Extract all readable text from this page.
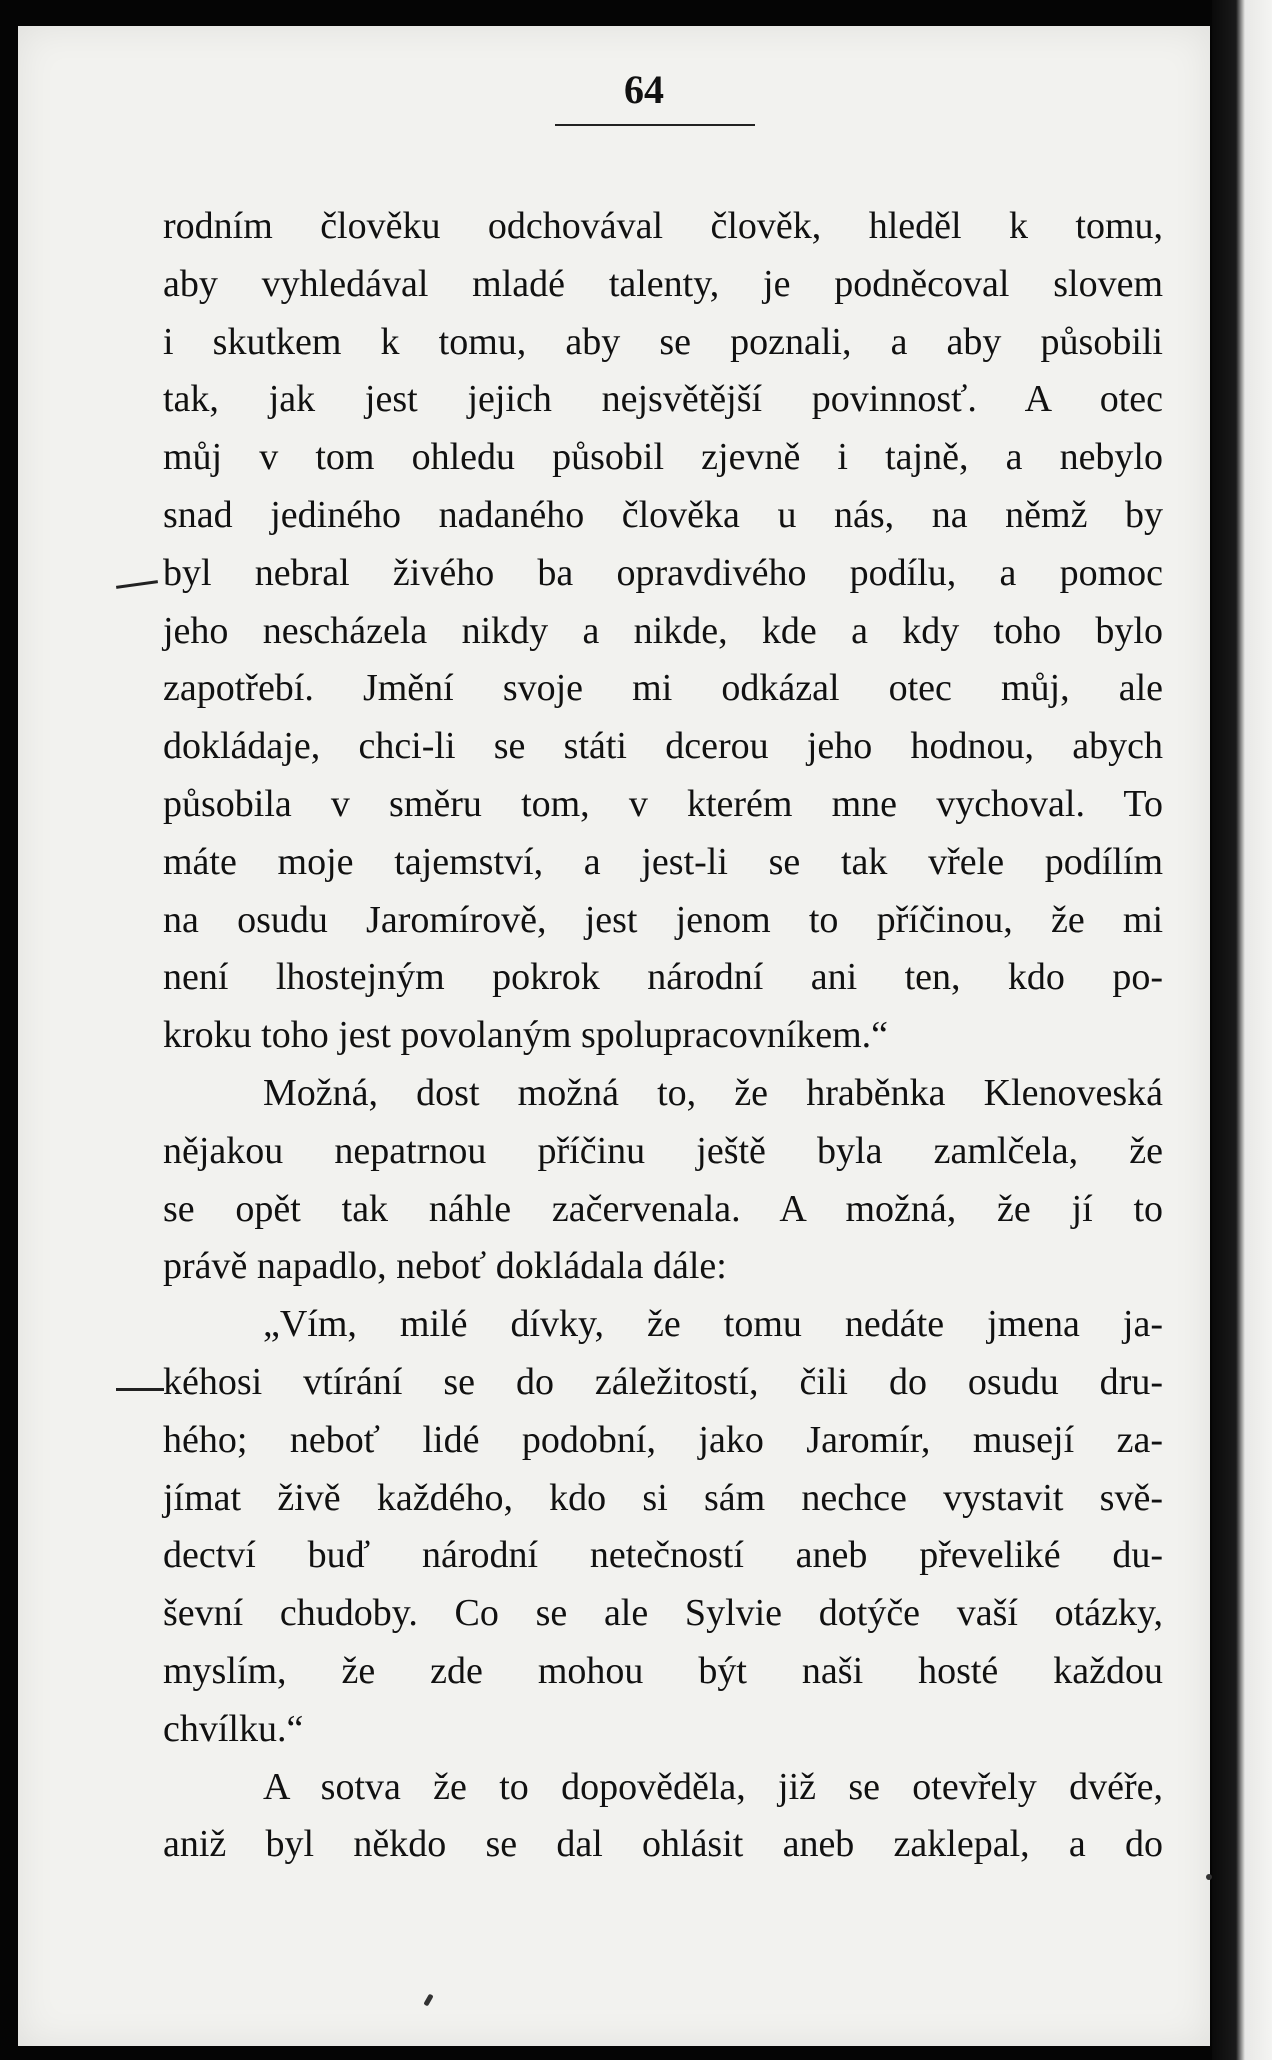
64
rodním člověku odchovával člověk, hleděl k tomu,
aby vyhledával mladé talenty, je podněcoval slovem
i skutkem k tomu, aby se poznali, a aby působili
tak, jak jest jejich nejsvětější povinnosť. A otec
můj v tom ohledu působil zjevně i tajně, a nebylo
snad jediného nadaného člověka u nás, na němž by
byl nebral živého ba opravdivého podílu, a pomoc
jeho nescházela nikdy a nikde, kde a kdy toho bylo
zapotřebí. Jmění svoje mi odkázal otec můj, ale
dokládaje, chci-li se státi dcerou jeho hodnou, abych
působila v směru tom, v kterém mne vychoval. To
máte moje tajemství, a jest-li se tak vřele podílím
na osudu Jaromírově, jest jenom to příčinou, že mi
není lhostejným pokrok národní ani ten, kdo po-
kroku toho jest povolaným spolupracovníkem.“
Možná, dost možná to, že hraběnka Klenoveská
nějakou nepatrnou příčinu ještě byla zamlčela, že
se opět tak náhle začervenala. A možná, že jí to
právě napadlo, neboť dokládala dále:
„Vím, milé dívky, že tomu nedáte jmena ja-
kéhosi vtírání se do záležitostí, čili do osudu dru-
hého; neboť lidé podobní, jako Jaromír, musejí za-
jímat živě každého, kdo si sám nechce vystavit svě-
dectví buď národní netečností aneb převeliké du-
ševní chudoby. Co se ale Sylvie dotýče vaší otázky,
myslím, že zde mohou být naši hosté každou
chvílku.“
A sotva že to dopověděla, již se otevřely dvéře,
aniž byl někdo se dal ohlásit aneb zaklepal, a do
